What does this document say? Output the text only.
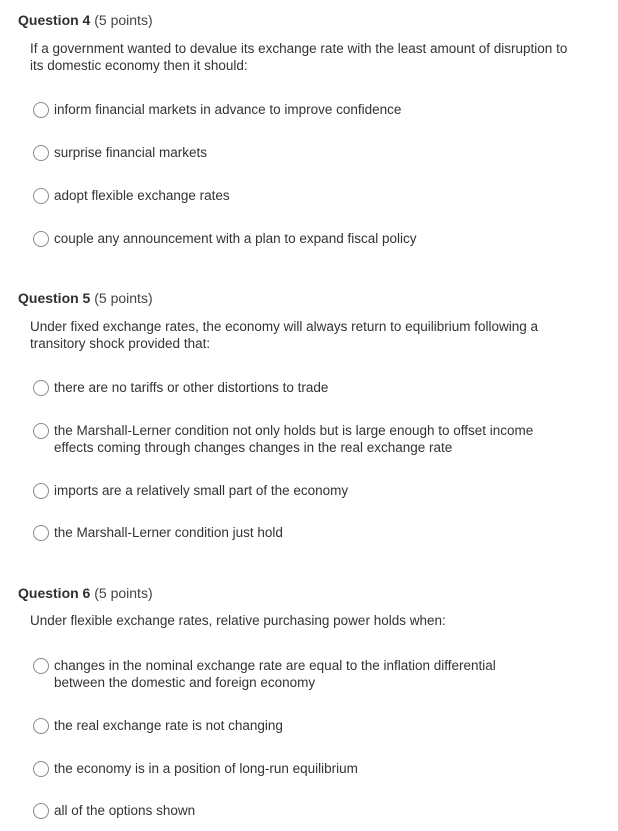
Question 4 (5 points)
If a government wanted to devalue its exchange rate with the least amount of disruption to its domestic economy then it should:
inform financial markets in advance to improve confidence
surprise financial markets
adopt flexible exchange rates
couple any announcement with a plan to expand fiscal policy
Question 5 (5 points)
Under fixed exchange rates, the economy will always return to equilibrium following a transitory shock provided that:
there are no tariffs or other distortions to trade
the Marshall-Lerner condition not only holds but is large enough to offset income effects coming through changes changes in the real exchange rate
imports are a relatively small part of the economy
the Marshall-Lerner condition just hold
Question 6 (5 points)
Under flexible exchange rates, relative purchasing power holds when:
changes in the nominal exchange rate are equal to the inflation differential between the domestic and foreign economy
the real exchange rate is not changing
the economy is in a position of long-run equilibrium
all of the options shown
